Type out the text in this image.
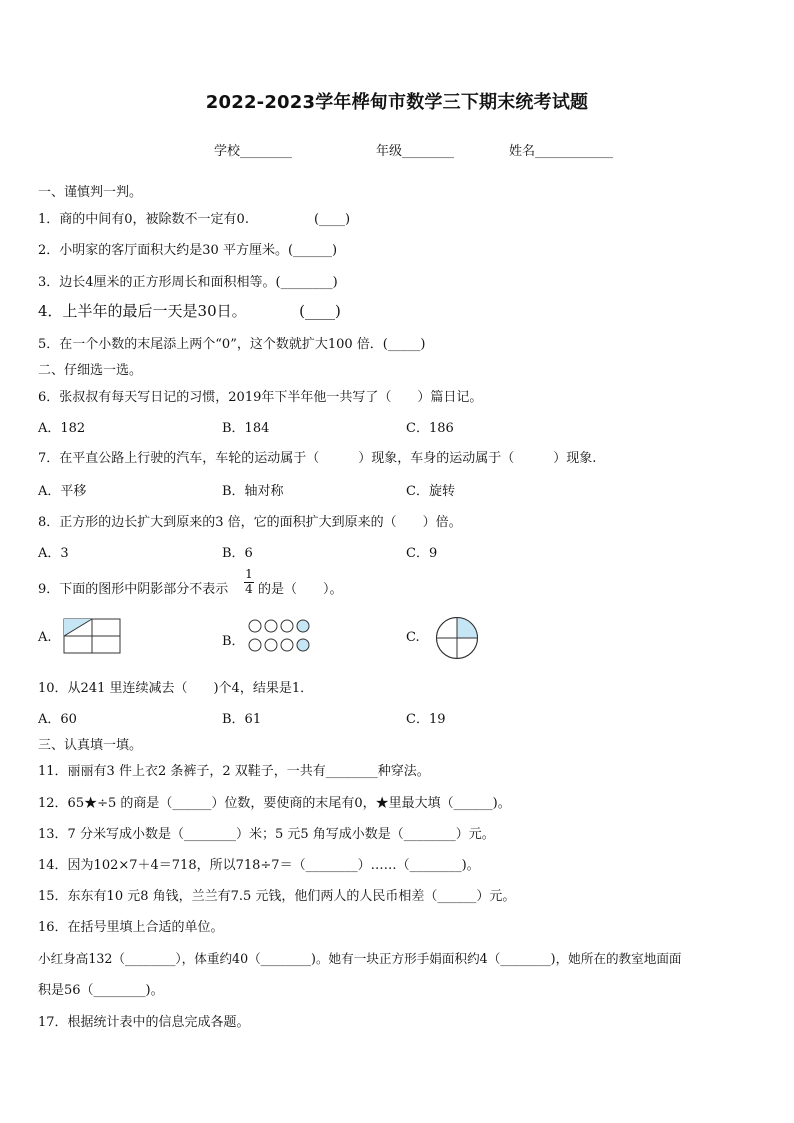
2022-2023学年桦甸市数学三下期末统考试题
学校________	年级________	姓名____________
一、谨慎判一判。
1．商的中间有0，被除数不一定有0.　　　　　(____)
2．小明家的客厅面积大约是30 平方厘米。(______)
3．边长4厘米的正方形周长和面积相等。(________)
4．上半年的最后一天是30日。　　　　(____)
5．在一个小数的末尾添上两个“0”，这个数就扩大100 倍．(_____)
二、仔细选一选。
6．张叔叔有每天写日记的习惯，2019年下半年他一共写了（　　）篇日记。
A．182	B．184	C．186
7．在平直公路上行驶的汽车，车轮的运动属于（　　　）现象，车身的运动属于（　　　）现象.
A．平移	B．轴对称	C．旋转
8．正方形的边长扩大到原来的3 倍，它的面积扩大到原来的（　　）倍。
A．3	B．6	C．9
9．下面的图形中阴影部分不表示
1
4 的是（　　）。
A.	B．	C.
10．从241 里连续减去（　　)个4，结果是1．
A．60	B．61	C．19
三、认真填一填。
11．丽丽有3 件上衣2 条裤子，2 双鞋子，一共有________种穿法。
12．65★÷5 的商是（______）位数，要使商的末尾有0，★里最大填（______)。
13．7 分米写成小数是（________）米；5 元5 角写成小数是（________）元。
14．因为102×7＋4＝718，所以718÷7＝（________）……（________)。
15．东东有10 元8 角钱，兰兰有7.5 元钱，他们两人的人民币相差（______）元。
16．在括号里填上合适的单位。
小红身高132（________），体重约40（________)。她有一块正方形手娟面积约4（________)，她所在的教室地面面
积是56（________)。
17．根据统计表中的信息完成各题。
